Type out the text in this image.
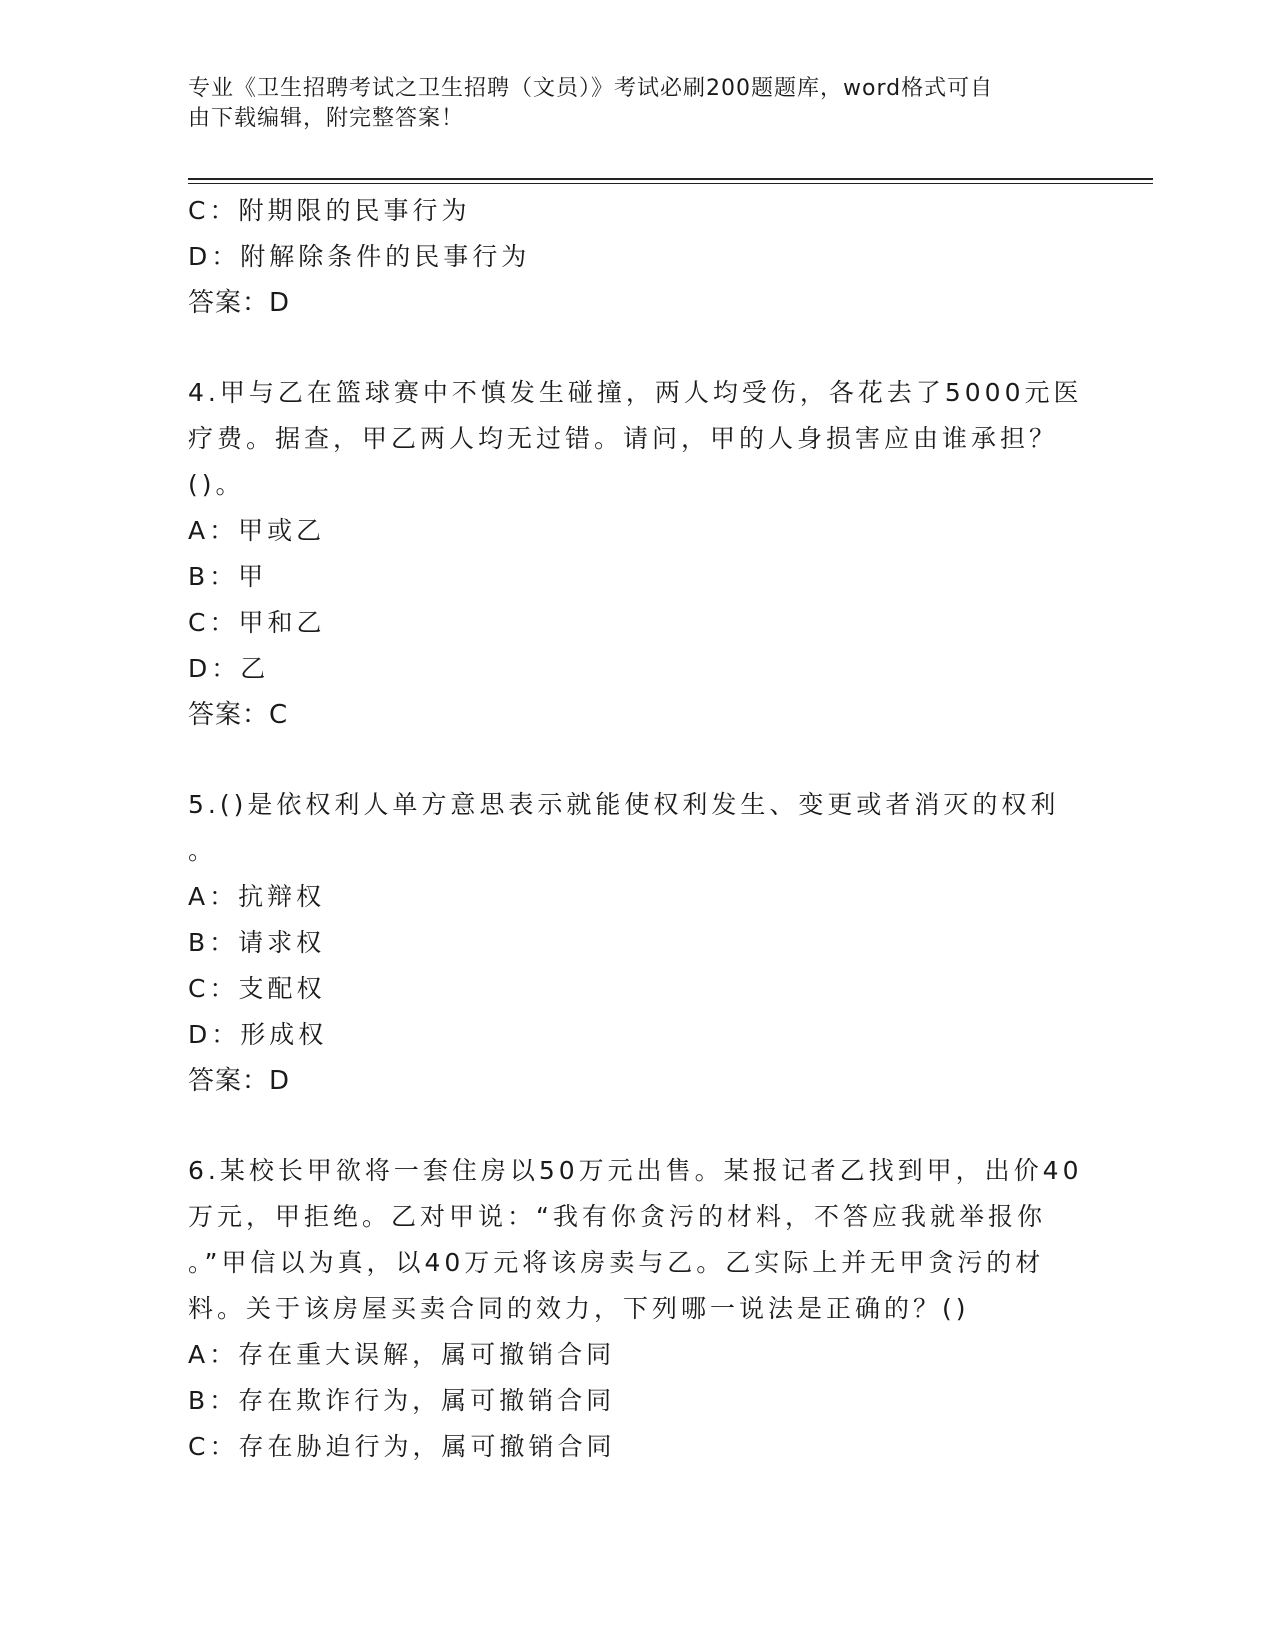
专业《卫生招聘考试之卫生招聘（文员）》考试必刷200题题库，word格式可自
由下载编辑，附完整答案！
C：附期限的民事行为
D：附解除条件的民事行为
答案：D
4.甲与乙在篮球赛中不慎发生碰撞，两人均受伤，各花去了5000元医
疗费。据查，甲乙两人均无过错。请问，甲的人身损害应由谁承担？
()。
A：甲或乙
B：甲
C：甲和乙
D：乙
答案：C
5.()是依权利人单方意思表示就能使权利发生、变更或者消灭的权利
。
A：抗辩权
B：请求权
C：支配权
D：形成权
答案：D
6.某校长甲欲将一套住房以50万元出售。某报记者乙找到甲，出价40
万元，甲拒绝。乙对甲说：“我有你贪污的材料，不答应我就举报你
。”甲信以为真，以40万元将该房卖与乙。乙实际上并无甲贪污的材
料。关于该房屋买卖合同的效力，下列哪一说法是正确的？()
A：存在重大误解，属可撤销合同
B：存在欺诈行为，属可撤销合同
C：存在胁迫行为，属可撤销合同
